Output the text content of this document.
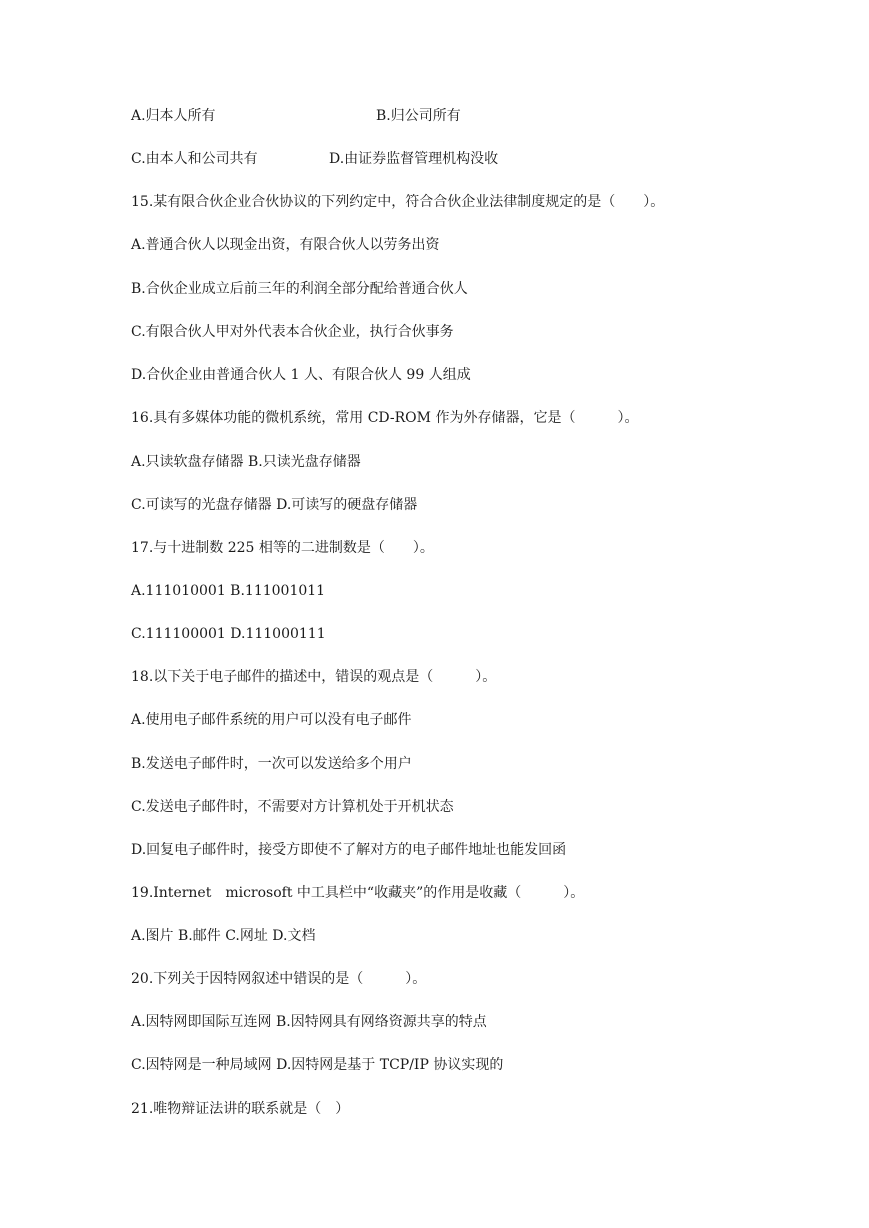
A.归本人所有	B.归公司所有
C.由本人和公司共有	D.由证券监督管理机构没收
15.某有限合伙企业合伙协议的下列约定中，符合合伙企业法律制度规定的是（　　）。
A.普通合伙人以现金出资，有限合伙人以劳务出资
B.合伙企业成立后前三年的利润全部分配给普通合伙人
C.有限合伙人甲对外代表本合伙企业，执行合伙事务
D.合伙企业由普通合伙人 1 人、有限合伙人 99 人组成
16.具有多媒体功能的微机系统，常用 CD-ROM 作为外存储器，它是（　　　）。
A.只读软盘存储器 B.只读光盘存储器
C.可读写的光盘存储器 D.可读写的硬盘存储器
17.与十进制数 225 相等的二进制数是（　　）。
A.111010001 B.111001011
C.111100001 D.111000111
18.以下关于电子邮件的描述中，错误的观点是（　　　）。
A.使用电子邮件系统的用户可以没有电子邮件
B.发送电子邮件时，一次可以发送给多个用户
C.发送电子邮件时，不需要对方计算机处于开机状态
D.回复电子邮件时，接受方即使不了解对方的电子邮件地址也能发回函
19.Internet　microsoft 中工具栏中“收藏夹”的作用是收藏（　　　）。
A.图片 B.邮件 C.网址 D.文档
20.下列关于因特网叙述中错误的是（　　　）。
A.因特网即国际互连网 B.因特网具有网络资源共享的特点
C.因特网是一种局域网 D.因特网是基于 TCP/IP 协议实现的
21.唯物辩证法讲的联系就是（　）
